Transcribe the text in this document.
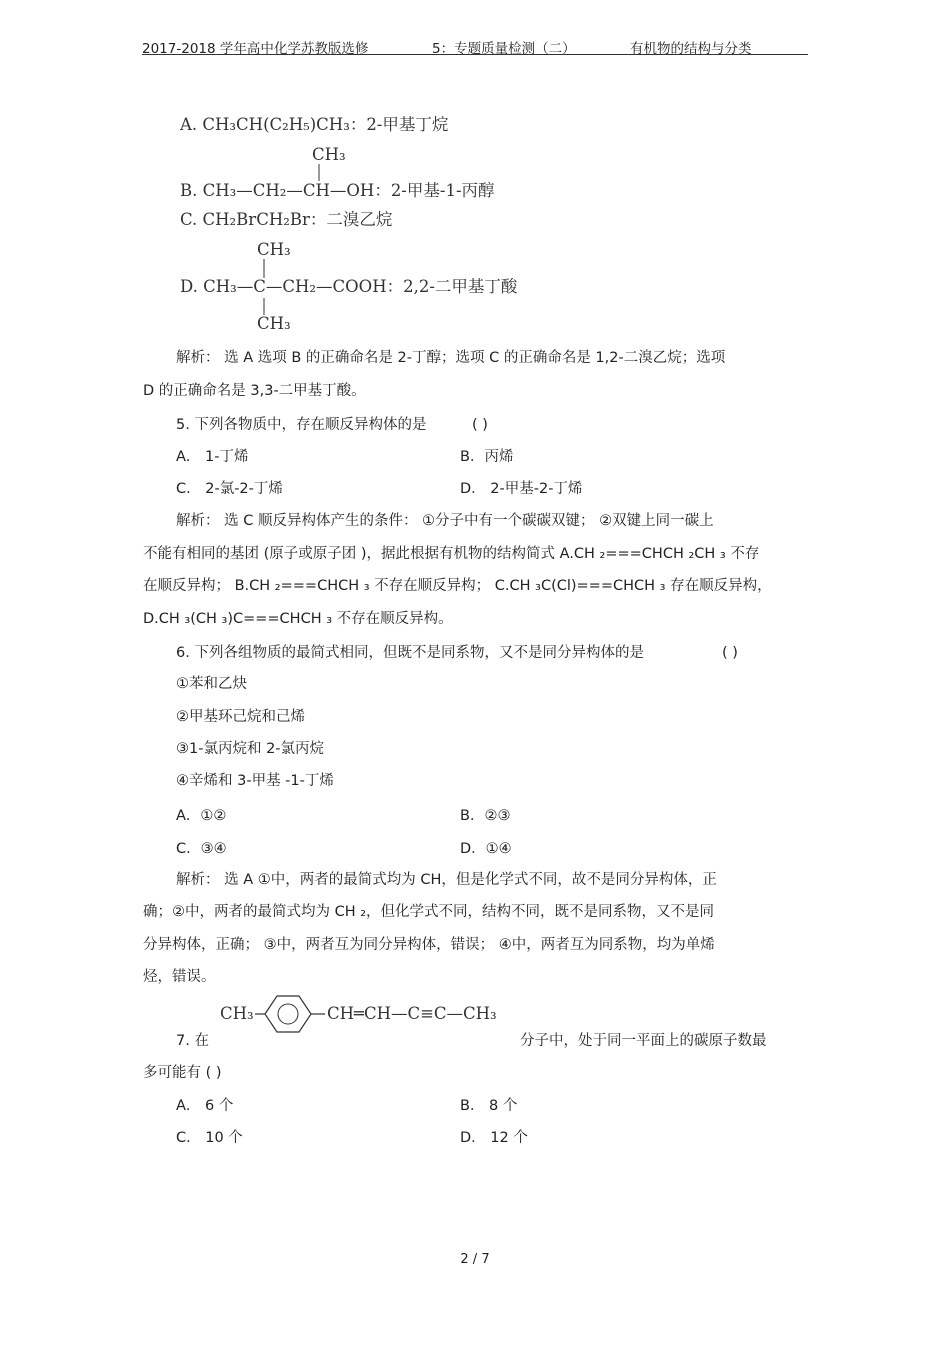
2017-2018 学年高中化学苏教版选修	5：专题质量检测（二）	有机物的结构与分类
A. CH₃CH(C₂H₅)CH₃：2-甲基丁烷
CH₃
B. CH₃—CH₂—CH—OH：2-甲基-1-丙醇
C. CH₂BrCH₂Br：二溴乙烷
CH₃
D. CH₃—C—CH₂—COOH：2,2-二甲基丁酸
CH₃
解析： 选 A 选项 B 的正确命名是 2-丁醇；选项 C 的正确命名是 1,2-二溴乙烷；选项
D 的正确命名是 3,3-二甲基丁酸。
5. 下列各物质中，存在顺反异构体的是	( )
A． 1-丁烯	B．丙烯
C． 2-氯-2-丁烯	D． 2-甲基-2-丁烯
解析： 选 C 顺反异构体产生的条件： ①分子中有一个碳碳双键； ②双键上同一碳上
不能有相同的基团 (原子或原子团 )，据此根据有机物的结构简式 A.CH ₂===CHCH ₂CH ₃ 不存
在顺反异构； B.CH ₂===CHCH ₃ 不存在顺反异构； C.CH ₃C(Cl)===CHCH ₃ 存在顺反异构，
D.CH ₃(CH ₃)C===CHCH ₃ 不存在顺反异构。
6. 下列各组物质的最简式相同，但既不是同系物，又不是同分异构体的是	( )
①苯和乙炔
②甲基环己烷和己烯
③1-氯丙烷和 2-氯丙烷
④辛烯和 3-甲基 -1-丁烯
A．①②	B．②③
C．③④	D．①④
解析： 选 A ①中，两者的最简式均为 CH，但是化学式不同，故不是同分异构体，正
确；②中，两者的最简式均为 CH ₂，但化学式不同，结构不同，既不是同系物，又不是同
分异构体，正确； ③中，两者互为同分异构体，错误； ④中，两者互为同系物，均为单烯
烃，错误。
CH₃	CH═CH—C≡C—CH₃
7. 在	分子中，处于同一平面上的碳原子数最
多可能有 ( )
A． 6 个	B． 8 个
C． 10 个	D． 12 个
2 / 7
